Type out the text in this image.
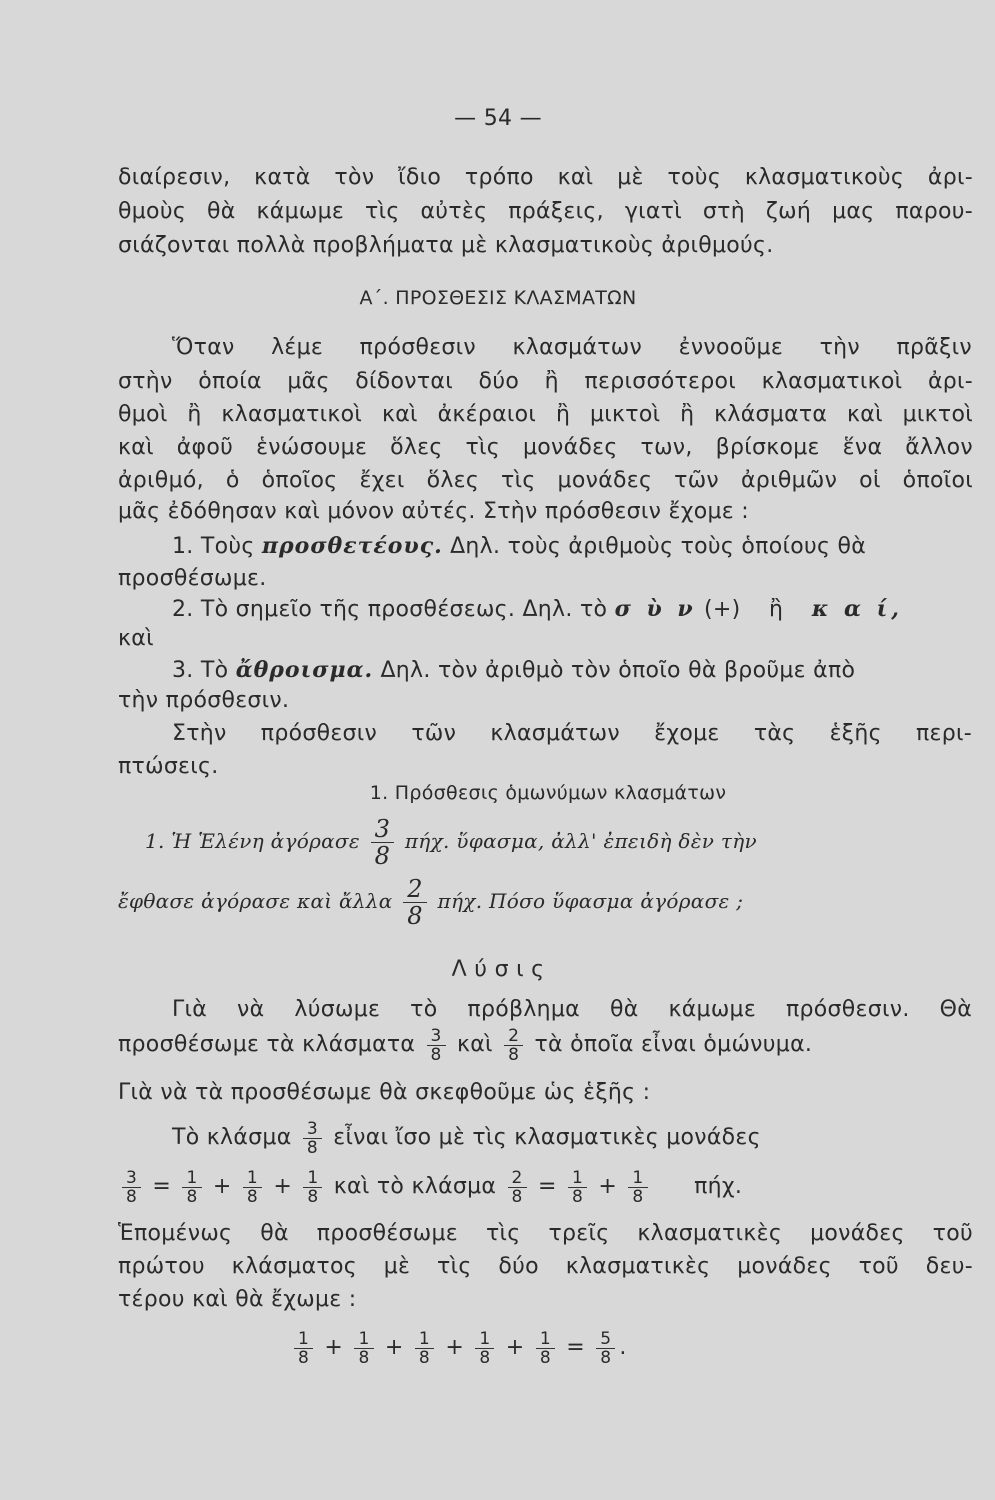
— 54 —
διαίρεσιν, κατὰ τὸν ἴδιο τρόπο καὶ μὲ τοὺς κλασματικοὺς ἀρι-
θμοὺς θὰ κάμωμε τὶς αὐτὲς πράξεις, γιατὶ στὴ ζωή μας παρου-
σιάζονται πολλὰ προβλήματα μὲ κλασματικοὺς ἀριθμούς.
Α΄. ΠΡΟΣΘΕΣΙΣ ΚΛΑΣΜΑΤΩΝ
Ὅταν λέμε πρόσθεσιν κλασμάτων ἐννοοῦμε τὴν πρᾶξιν
στὴν ὁποία μᾶς δίδονται δύο ἢ περισσότεροι κλασματικοὶ ἀρι-
θμοὶ ἢ κλασματικοὶ καὶ ἀκέραιοι ἢ μικτοὶ ἢ κλάσματα καὶ μικτοὶ
καὶ ἀφοῦ ἑνώσουμε ὅλες τὶς μονάδες των, βρίσκομε ἕνα ἄλλον
ἀριθμό, ὁ ὁποῖος ἔχει ὅλες τὶς μονάδες τῶν ἀριθμῶν οἱ ὁποῖοι
μᾶς ἐδόθησαν καὶ μόνον αὐτές. Στὴν πρόσθεσιν ἔχομε :
1. Τοὺς προσθετέους. Δηλ. τοὺς ἀριθμοὺς τοὺς ὁποίους θὰ
προσθέσωμε.
2. Τὸ σημεῖο τῆς προσθέσεως. Δηλ. τὸ σ ὺ ν (+) ἢ κ α ί,
καὶ
3. Τὸ ἄθροισμα. Δηλ. τὸν ἀριθμὸ τὸν ὁποῖο θὰ βροῦμε ἀπὸ
τὴν πρόσθεσιν.
Στὴν πρόσθεσιν τῶν κλασμάτων ἔχομε τὰς ἑξῆς περι-
πτώσεις.
1. Πρόσθεσις ὁμωνύμων κλασμάτων
1. Ἡ Ἑλένη ἀγόρασε $\frac{3}{8} \pi ή\chi$. ὕφασμα, ἀλλ' ἐπειδὴ δὲν τὴν
ἔφθασε ἀγόρασε καὶ ἄλλα $\frac{2}{8} \pi ή\chi$. Πόσο ὕφασμα ἀγόρασε ;
Λ ύ σ ι ς
Γιὰ νὰ λύσωμε τὸ πρόβλημα θὰ κάμωμε πρόσθεσιν. Θὰ
προσθέσωμε τὰ κλάσματα $\frac{3}{8}$ καὶ $\frac{2}{8}$ τὰ ὁποῖα εἶναι ὁμώνυμα.
Γιὰ νὰ τὰ προσθέσωμε θὰ σκεφθοῦμε ὡς ἑξῆς :
Τὸ κλάσμα $\frac{3}{8}$ εἶναι ἴσο μὲ τὶς κλασματικὲς μονάδες
$\frac{3}{8} = \frac{1}{8} + \frac{1}{8} + \frac{1}{8}$ καὶ τὸ κλάσμα $\frac{2}{8} = \frac{1}{8} + \frac{1}{8} \pi ή\chi$.
Ἑπομένως θὰ προσθέσωμε τὶς τρεῖς κλασματικὲς μονάδες τοῦ
πρώτου κλάσματος μὲ τὶς δύο κλασματικὲς μονάδες τοῦ δευ-
τέρου καὶ θὰ ἔχωμε :
$\frac{1}{8} + \frac{1}{8} + \frac{1}{8} + \frac{1}{8} + \frac{1}{8} = \frac{5}{8}$ .
